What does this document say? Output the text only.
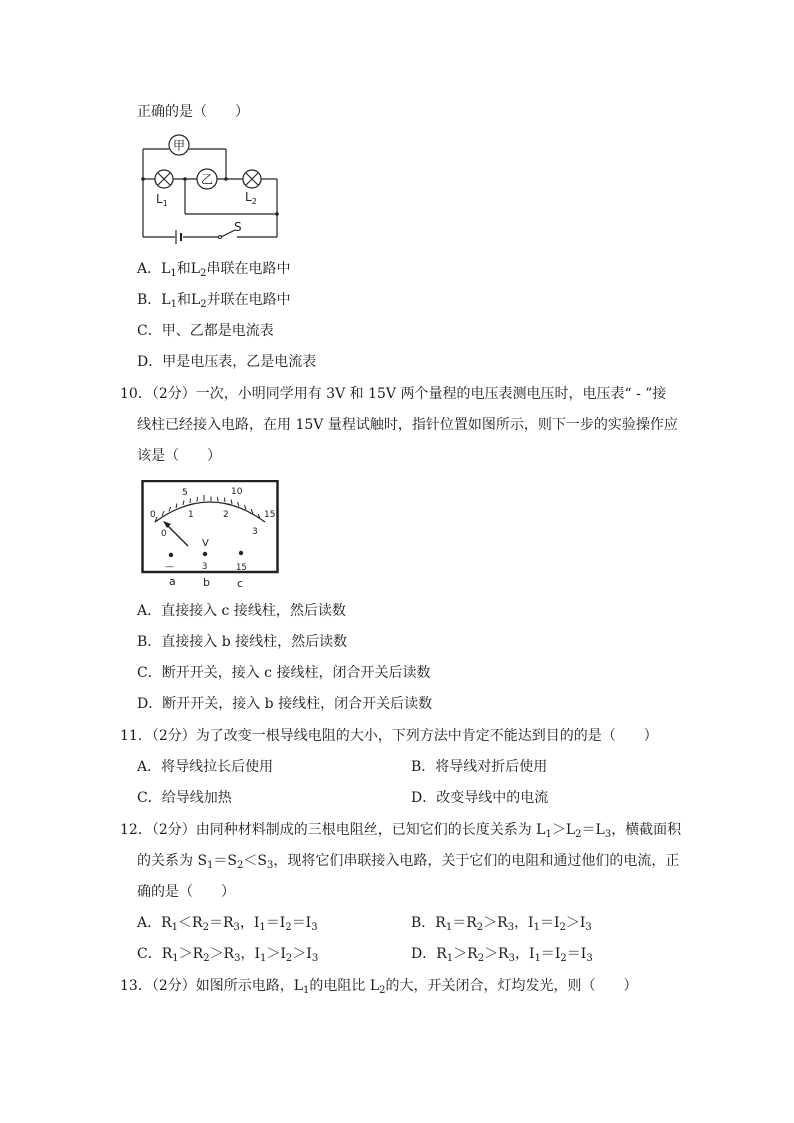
正确的是（　　）
甲
乙
$L_1$	$L_2$
S
A．$L_1$和$L_2$串联在电路中
B．$L_1$和$L_2$并联在电路中
C．甲、乙都是电流表
D．甲是电压表，乙是电流表
10．（2分）一次，小明同学用有 3V 和 15V 两个量程的电压表测电压时，电压表“ - ”接
线柱已经接入电路，在用 15V 量程试触时，指针位置如图所示，则下一步的实验操作应
该是（　　）
0
5	10
15
0
1	2
3
V
—	3	15
a b c
A．直接接入 c 接线柱，然后读数
B．直接接入 b 接线柱，然后读数
C．断开开关，接入 c 接线柱，闭合开关后读数
D．断开开关，接入 b 接线柱，闭合开关后读数
11．（2分）为了改变一根导线电阻的大小，下列方法中肯定不能达到目的的是（　　）
A．将导线拉长后使用	B．将导线对折后使用
C．给导线加热	D．改变导线中的电流
12．（2分）由同种材料制成的三根电阻丝，已知它们的长度关系为 $L_1>L_2=L_3$，横截面积
的关系为 $S_1=S_2<S_3$，现将它们串联接入电路，关于它们的电阻和通过他们的电流，正
确的是（　　）
A．$R_1<R_2=R_3$，$I_1=I_2=I_3$	B．$R_1=R_2>R_3$，$I_1=I_2>I_3$
C．$R_1>R_2>R_3$，$I_1>I_2>I_3$	D．$R_1>R_2>R_3$，$I_1=I_2=I_3$
13．（2分）如图所示电路，$L_1$的电阻比 $L_2$的大，开关闭合，灯均发光，则（　　）
